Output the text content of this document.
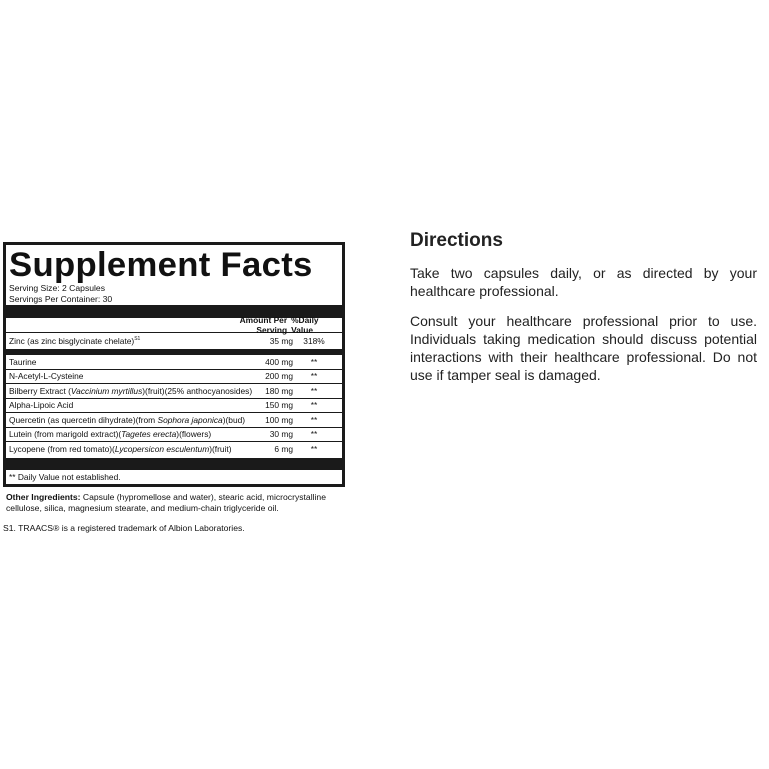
Supplement Facts
Serving Size: 2 Capsules
Servings Per Container: 30
Amount Per Serving
%Daily Value
Zinc (as zinc bisglycinate chelate)$^{S1}$	35 mg	318%
Taurine	400 mg	**
N-Acetyl-L-Cysteine	200 mg	**
Bilberry Extract (Vaccinium myrtillus)(fruit)(25% anthocyanosides)	180 mg	**
Alpha-Lipoic Acid	150 mg	**
Quercetin (as quercetin dihydrate)(from Sophora japonica)(bud)	100 mg	**
Lutein (from marigold extract)(Tagetes erecta)(flowers)	30 mg	**
Lycopene (from red tomato)(Lycopersicon esculentum)(fruit)	6 mg	**
** Daily Value not established.
Other Ingredients: Capsule (hypromellose and water), stearic acid, microcrystalline cellulose, silica, magnesium stearate, and medium-chain triglyceride oil.
S1. TRAACS® is a registered trademark of Albion Laboratories.
Directions

Take two capsules daily, or as directed by your healthcare professional.

Consult your healthcare professional prior to use. Individuals taking medication should discuss potential interactions with their healthcare professional. Do not use if tamper seal is damaged.
